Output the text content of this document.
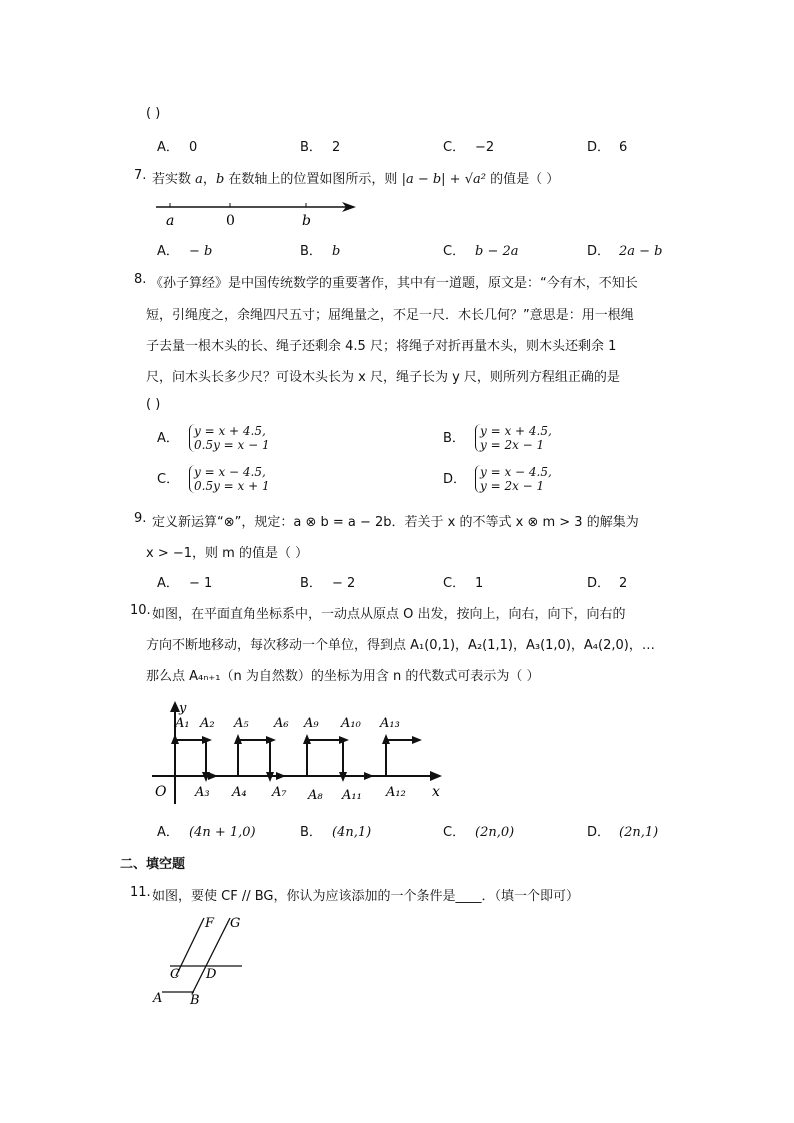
( )
A． 0	B． 2	C． −2	D． 6
7. 若实数 a，b 在数轴上的位置如图所示，则 |a − b| + √a² 的值是（ ）
a	0	b
A． − b	B． b	C． b − 2a	D． 2a − b
8. 《孙子算经》是中国传统数学的重要著作，其中有一道题，原文是：“今有木，不知长
短，引绳度之，余绳四尺五寸；屈绳量之，不足一尺．木长几何？”意思是：用一根绳
子去量一根木头的长、绳子还剩余 4.5 尺；将绳子对折再量木头，则木头还剩余 1
尺，问木头长多少尺？可设木头长为 x 尺，绳子长为 y 尺，则所列方程组正确的是
( )
A． y = x + 4.5,
0.5y = x − 1	B． y = x + 4.5,
y = 2x − 1
C． y = x − 4.5,
0.5y = x + 1	D． y = x − 4.5,
y = 2x − 1
9. 定义新运算“⊗”，规定：a ⊗ b = a − 2b．若关于 x 的不等式 x ⊗ m > 3 的解集为
x > −1，则 m 的值是（ ）
A． − 1	B． − 2	C． 1	D． 2
10. 如图，在平面直角坐标系中，一动点从原点 O 出发，按向上，向右，向下，向右的
方向不断地移动，每次移动一个单位，得到点 A₁(0,1)，A₂(1,1)，A₃(1,0)，A₄(2,0)，…
那么点 A₄ₙ₊₁（n 为自然数）的坐标为用含 n 的代数式可表示为（ ）
y
A₁ A₂ A₅ A₆ A₉ A₁₀ A₁₃
O A₃ A₄ A₇ A₈ A₁₁ A₁₂ x
A． (4n + 1,0)	B． (4n,1)	C． (2n,0)	D． (2n,1)
二、填空题
11. 如图，要使 CF // BG，你认为应该添加的一个条件是____．（填一个即可）
F G
C D
A B
